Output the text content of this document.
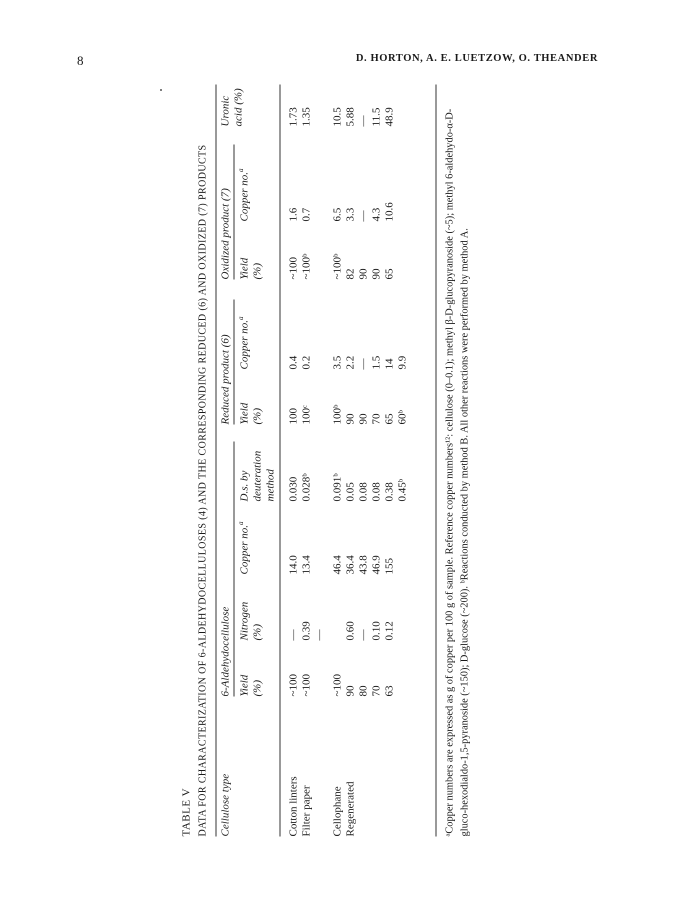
8	D. HORTON, A. E. LUETZOW, O. THEANDER
TABLE V DATA FOR CHARACTERIZATION OF 6-ALDEHYDOCELLULOSES (4) AND THE CORRESPONDING REDUCED (6) AND OXIDIZED (7) PRODUCTS Cellulose type
6-Aldehydocellulose
Reduced product (6)
Oxidized product (7)
Uronic acid (%)
Yield (%)
Nitrogen (%)
Copper no.$^a$
D.s. by deuteration method
Yield (%)
Copper no.$^a$
Yield (%)
Copper no.$^a$	ᵃCopper numbers are expressed as g of copper per 100 g of sample. Reference copper numbers¹²: cellulose (0–0.1); methyl β-D-glucopyranoside (~5); methyl 6-aldehydo-α-D-gluco-hexodialdo-1,5-pyranoside (~150); D-glucose (~200). ᵇReactions conducted by method B. All other reactions were performed by method A.
Cotton linters
~100
—
14.0
0.030
100
0.4
~100
1.6
1.73
Filter paper
~100
0.39
13.4
0.028ᵇ
100ᶜ
0.2
~100ᵇ
0.7
1.35
—
Cellophane
~100
46.4
0.091ᵇ
100ᵇ
3.5
~100ᵇ
6.5
10.5
Regenerated
90
0.60
36.4
0.05
90
2.2
82
3.3
5.88
80
—
43.8
0.08
90
—
90
—
—
70
0.10
46.9
0.08
70
1.5
90
4.3
11.5
63
0.12
155
0.38
65
14
65
10.6
48.9
0.45ᵇ
60ᵇ
9.9
